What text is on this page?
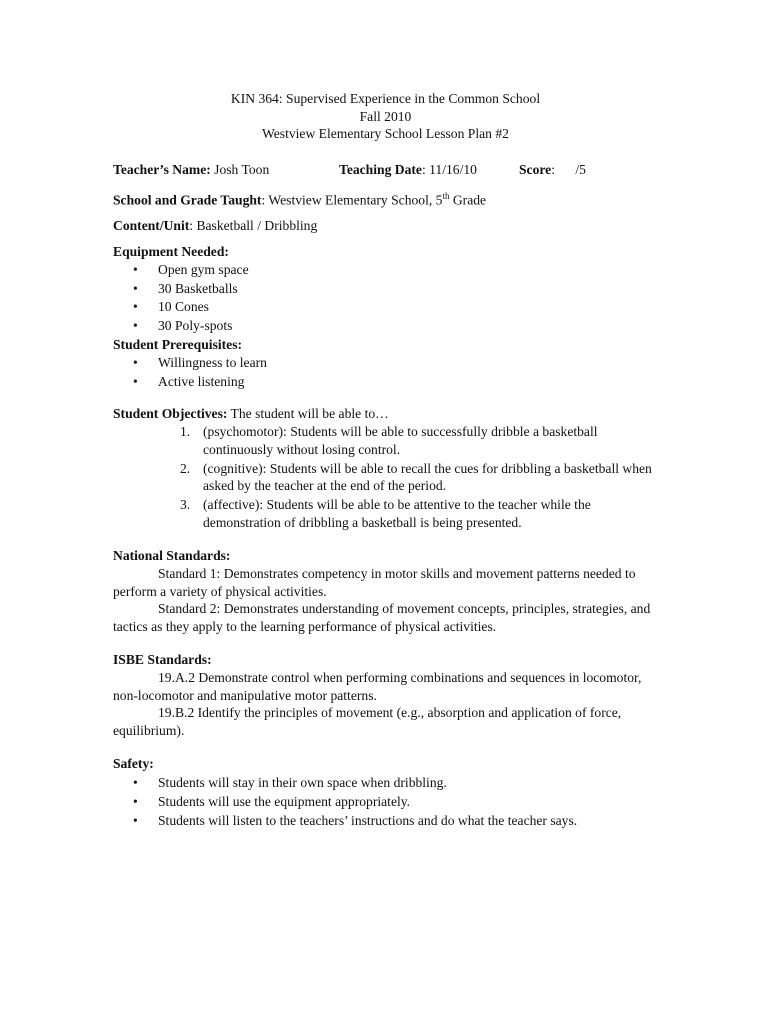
KIN 364: Supervised Experience in the Common School
Fall 2010
Westview Elementary School Lesson Plan #2
Teacher’s Name: Josh Toon	Teaching Date: 11/16/10	Score:      /5
School and Grade Taught: Westview Elementary School, 5th Grade
Content/Unit: Basketball / Dribbling
Equipment Needed:
• Open gym space
• 30 Basketballs
• 10 Cones
• 30 Poly-spots
Student Prerequisites:
• Willingness to learn
• Active listening
Student Objectives: The student will be able to…
1. (psychomotor): Students will be able to successfully dribble a basketball continuously without losing control.
2. (cognitive): Students will be able to recall the cues for dribbling a basketball when asked by the teacher at the end of the period.
3. (affective): Students will be able to be attentive to the teacher while the demonstration of dribbling a basketball is being presented.
National Standards:
Standard 1: Demonstrates competency in motor skills and movement patterns needed to perform a variety of physical activities.
Standard 2: Demonstrates understanding of movement concepts, principles, strategies, and tactics as they apply to the learning performance of physical activities.
ISBE Standards:
19.A.2 Demonstrate control when performing combinations and sequences in locomotor, non-locomotor and manipulative motor patterns.
19.B.2 Identify the principles of movement (e.g., absorption and application of force, equilibrium).
Safety:
• Students will stay in their own space when dribbling.
• Students will use the equipment appropriately.
• Students will listen to the teachers’ instructions and do what the teacher says.
